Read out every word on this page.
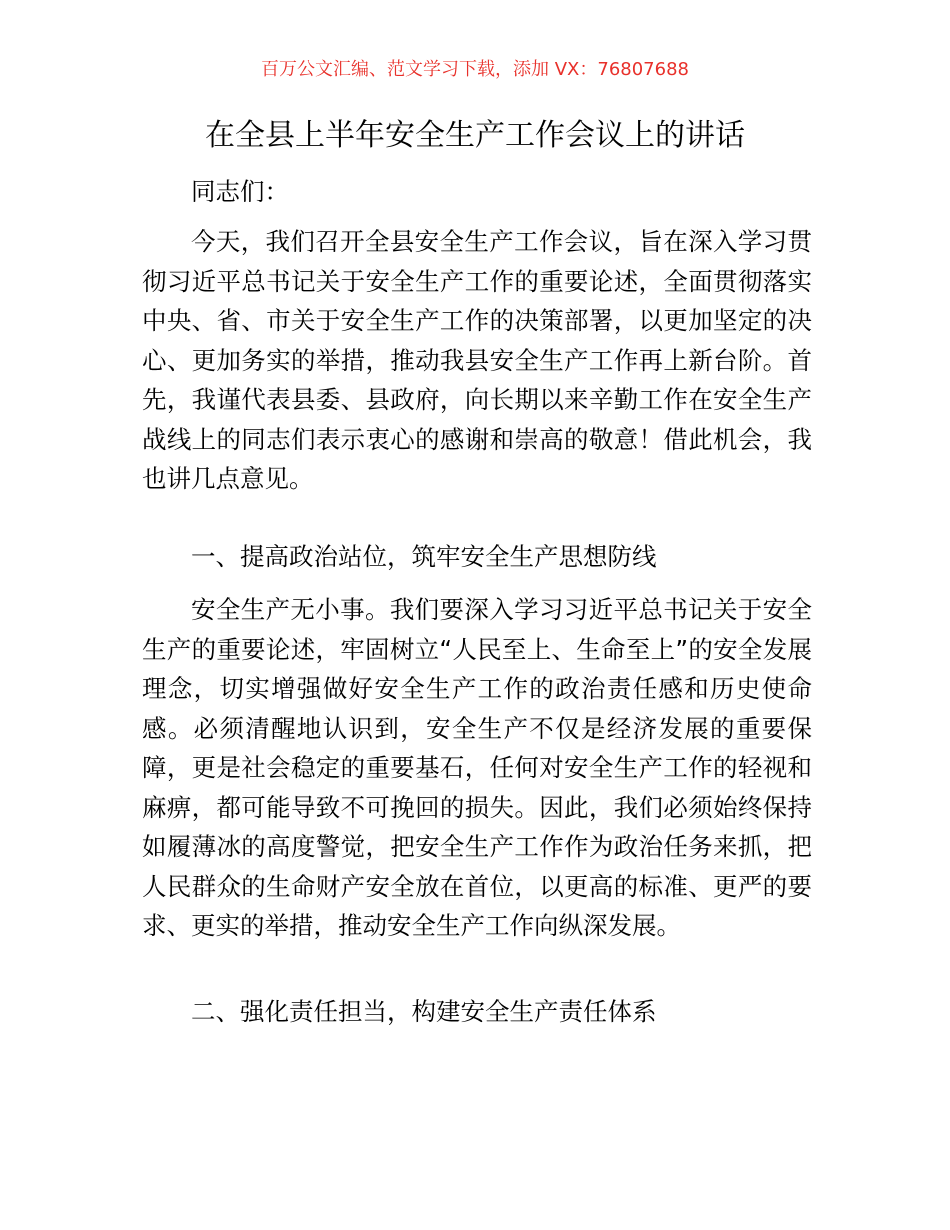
百万公文汇编、范文学习下载，添加 VX：76807688
在全县上半年安全生产工作会议上的讲话
同志们：
今天，我们召开全县安全生产工作会议，旨在深入学习贯彻习近平总书记关于安全生产工作的重要论述，全面贯彻落实中央、省、市关于安全生产工作的决策部署，以更加坚定的决心、更加务实的举措，推动我县安全生产工作再上新台阶。首先，我谨代表县委、县政府，向长期以来辛勤工作在安全生产战线上的同志们表示衷心的感谢和崇高的敬意！借此机会，我也讲几点意见。
一、提高政治站位，筑牢安全生产思想防线
安全生产无小事。我们要深入学习习近平总书记关于安全生产的重要论述，牢固树立“人民至上、生命至上”的安全发展理念，切实增强做好安全生产工作的政治责任感和历史使命感。必须清醒地认识到，安全生产不仅是经济发展的重要保障，更是社会稳定的重要基石，任何对安全生产工作的轻视和麻痹，都可能导致不可挽回的损失。因此，我们必须始终保持如履薄冰的高度警觉，把安全生产工作作为政治任务来抓，把人民群众的生命财产安全放在首位，以更高的标准、更严的要求、更实的举措，推动安全生产工作向纵深发展。
二、强化责任担当，构建安全生产责任体系
